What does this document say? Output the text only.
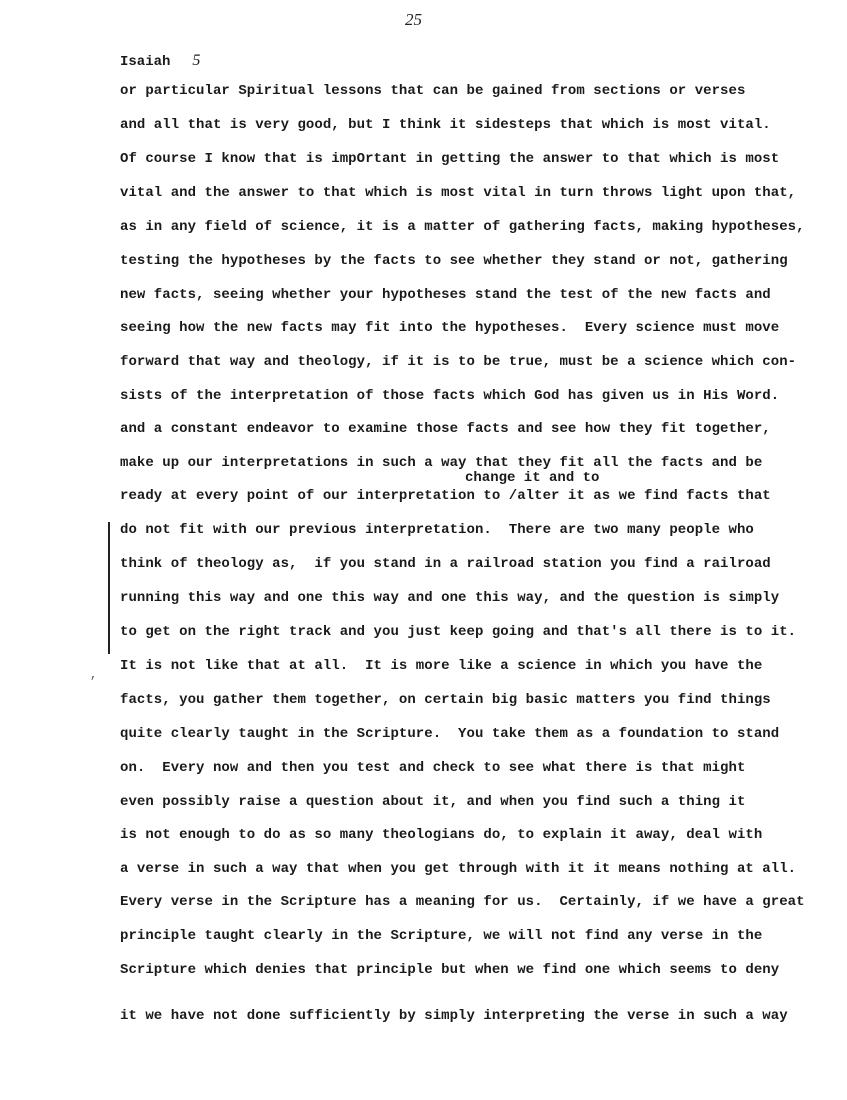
25
Isaiah 5
change it and to
,
or particular Spiritual lessons that can be gained from sections or verses
and all that is very good, but I think it sidesteps that which is most vital.
Of course I know that is impOrtant in getting the answer to that which is most
vital and the answer to that which is most vital in turn throws light upon that,
as in any field of science, it is a matter of gathering facts, making hypotheses,
testing the hypotheses by the facts to see whether they stand or not, gathering
new facts, seeing whether your hypotheses stand the test of the new facts and
seeing how the new facts may fit into the hypotheses.  Every science must move
forward that way and theology, if it is to be true, must be a science which con-
sists of the interpretation of those facts which God has given us in His Word.
and a constant endeavor to examine those facts and see how they fit together,
make up our interpretations in such a way that they fit all the facts and be
ready at every point of our interpretation to /alter it as we find facts that
do not fit with our previous interpretation.  There are two many people who
think of theology as,  if you stand in a railroad station you find a railroad
running this way and one this way and one this way, and the question is simply
to get on the right track and you just keep going and that's all there is to it.
It is not like that at all.  It is more like a science in which you have the
facts, you gather them together, on certain big basic matters you find things
quite clearly taught in the Scripture.  You take them as a foundation to stand
on.  Every now and then you test and check to see what there is that might
even possibly raise a question about it, and when you find such a thing it
is not enough to do as so many theologians do, to explain it away, deal with
a verse in such a way that when you get through with it it means nothing at all.
Every verse in the Scripture has a meaning for us.  Certainly, if we have a great
principle taught clearly in the Scripture, we will not find any verse in the
Scripture which denies that principle but when we find one which seems to deny
it we have not done sufficiently by simply interpreting the verse in such a way
